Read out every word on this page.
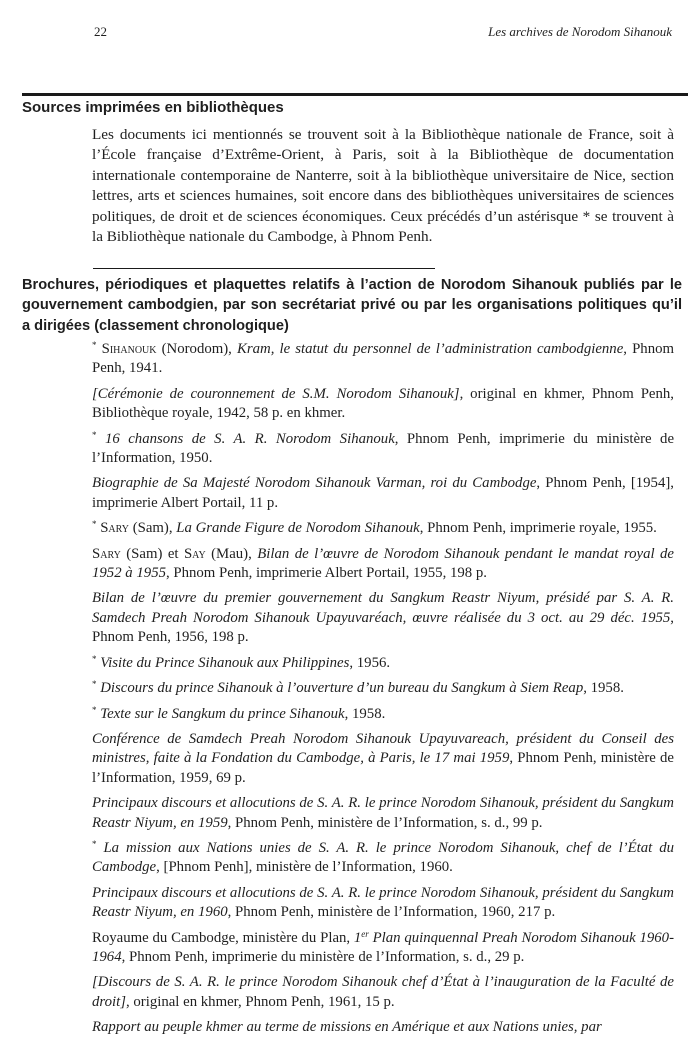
22	Les archives de Norodom Sihanouk
Sources imprimées en bibliothèques
Les documents ici mentionnés se trouvent soit à la Bibliothèque nationale de France, soit à l’École française d’Extrême-Orient, à Paris, soit à la Bibliothèque de documentation internationale contemporaine de Nanterre, soit à la bibliothèque universitaire de Nice, section lettres, arts et sciences humaines, soit encore dans des bibliothèques universitaires de sciences politiques, de droit et de sciences économiques. Ceux précédés d’un astérisque * se trouvent à la Bibliothèque nationale du Cambodge, à Phnom Penh.
Brochures, périodiques et plaquettes relatifs à l’action de Norodom Sihanouk publiés par le gouvernement cambodgien, par son secrétariat privé ou par les organisations politiques qu’il a dirigées (classement chronologique)
* Sihanouk (Norodom), Kram, le statut du personnel de l’administration cambodgienne, Phnom Penh, 1941.
[Cérémonie de couronnement de S.M. Norodom Sihanouk], original en khmer, Phnom Penh, Bibliothèque royale, 1942, 58 p. en khmer.
* 16 chansons de S. A. R. Norodom Sihanouk, Phnom Penh, imprimerie du ministère de l’Information, 1950.
Biographie de Sa Majesté Norodom Sihanouk Varman, roi du Cambodge, Phnom Penh, [1954], imprimerie Albert Portail, 11 p.
* Sary (Sam), La Grande Figure de Norodom Sihanouk, Phnom Penh, imprimerie royale, 1955.
Sary (Sam) et Say (Mau), Bilan de l’œuvre de Norodom Sihanouk pendant le mandat royal de 1952 à 1955, Phnom Penh, imprimerie Albert Portail, 1955, 198 p.
Bilan de l’œuvre du premier gouvernement du Sangkum Reastr Niyum, présidé par S. A. R. Samdech Preah Norodom Sihanouk Upayuvaréach, œuvre réalisée du 3 oct. au 29 déc. 1955, Phnom Penh, 1956, 198 p.
* Visite du Prince Sihanouk aux Philippines, 1956.
* Discours du prince Sihanouk à l’ouverture d’un bureau du Sangkum à Siem Reap, 1958.
* Texte sur le Sangkum du prince Sihanouk, 1958.
Conférence de Samdech Preah Norodom Sihanouk Upayuvareach, président du Conseil des ministres, faite à la Fondation du Cambodge, à Paris, le 17 mai 1959, Phnom Penh, ministère de l’Information, 1959, 69 p.
Principaux discours et allocutions de S. A. R. le prince Norodom Sihanouk, président du Sangkum Reastr Niyum, en 1959, Phnom Penh, ministère de l’Information, s. d., 99 p.
* La mission aux Nations unies de S. A. R. le prince Norodom Sihanouk, chef de l’État du Cambodge, [Phnom Penh], ministère de l’Information, 1960.
Principaux discours et allocutions de S. A. R. le prince Norodom Sihanouk, président du Sangkum Reastr Niyum, en 1960, Phnom Penh, ministère de l’Information, 1960, 217 p.
Royaume du Cambodge, ministère du Plan, 1er Plan quinquennal Preah Norodom Sihanouk 1960-1964, Phnom Penh, imprimerie du ministère de l’Information, s. d., 29 p.
[Discours de S. A. R. le prince Norodom Sihanouk chef d’État à l’inauguration de la Faculté de droit], original en khmer, Phnom Penh, 1961, 15 p.
Rapport au peuple khmer au terme de missions en Amérique et aux Nations unies, par
